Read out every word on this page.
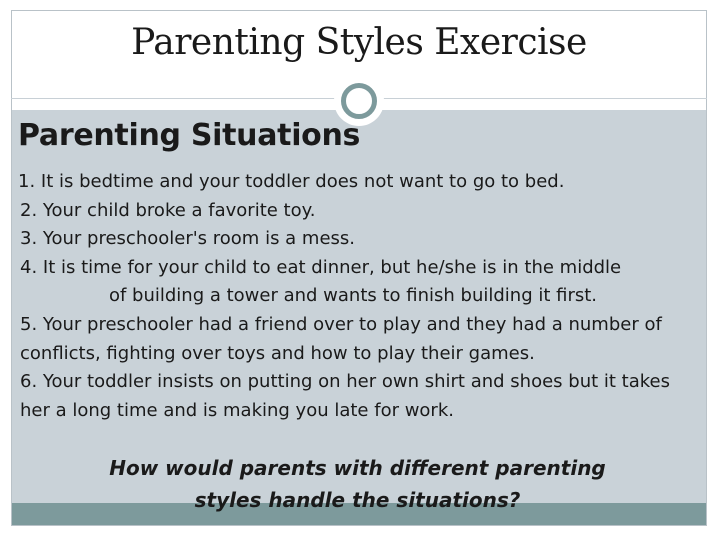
Parenting Styles Exercise
Parenting Situations
1. It is bedtime and your toddler does not want to go to bed.
2. Your child broke a favorite toy.
3. Your preschooler's room is a mess.
4. It is time for your child to eat dinner, but he/she is in the middle
of building a tower and wants to finish building it first.
5. Your preschooler had a friend over to play and they had a number of conflicts, fighting over toys and how to play their games.
6. Your toddler insists on putting on her own shirt and shoes but it takes her a long time and is making you late for work.
How would parents with different parenting
styles handle the situations?
